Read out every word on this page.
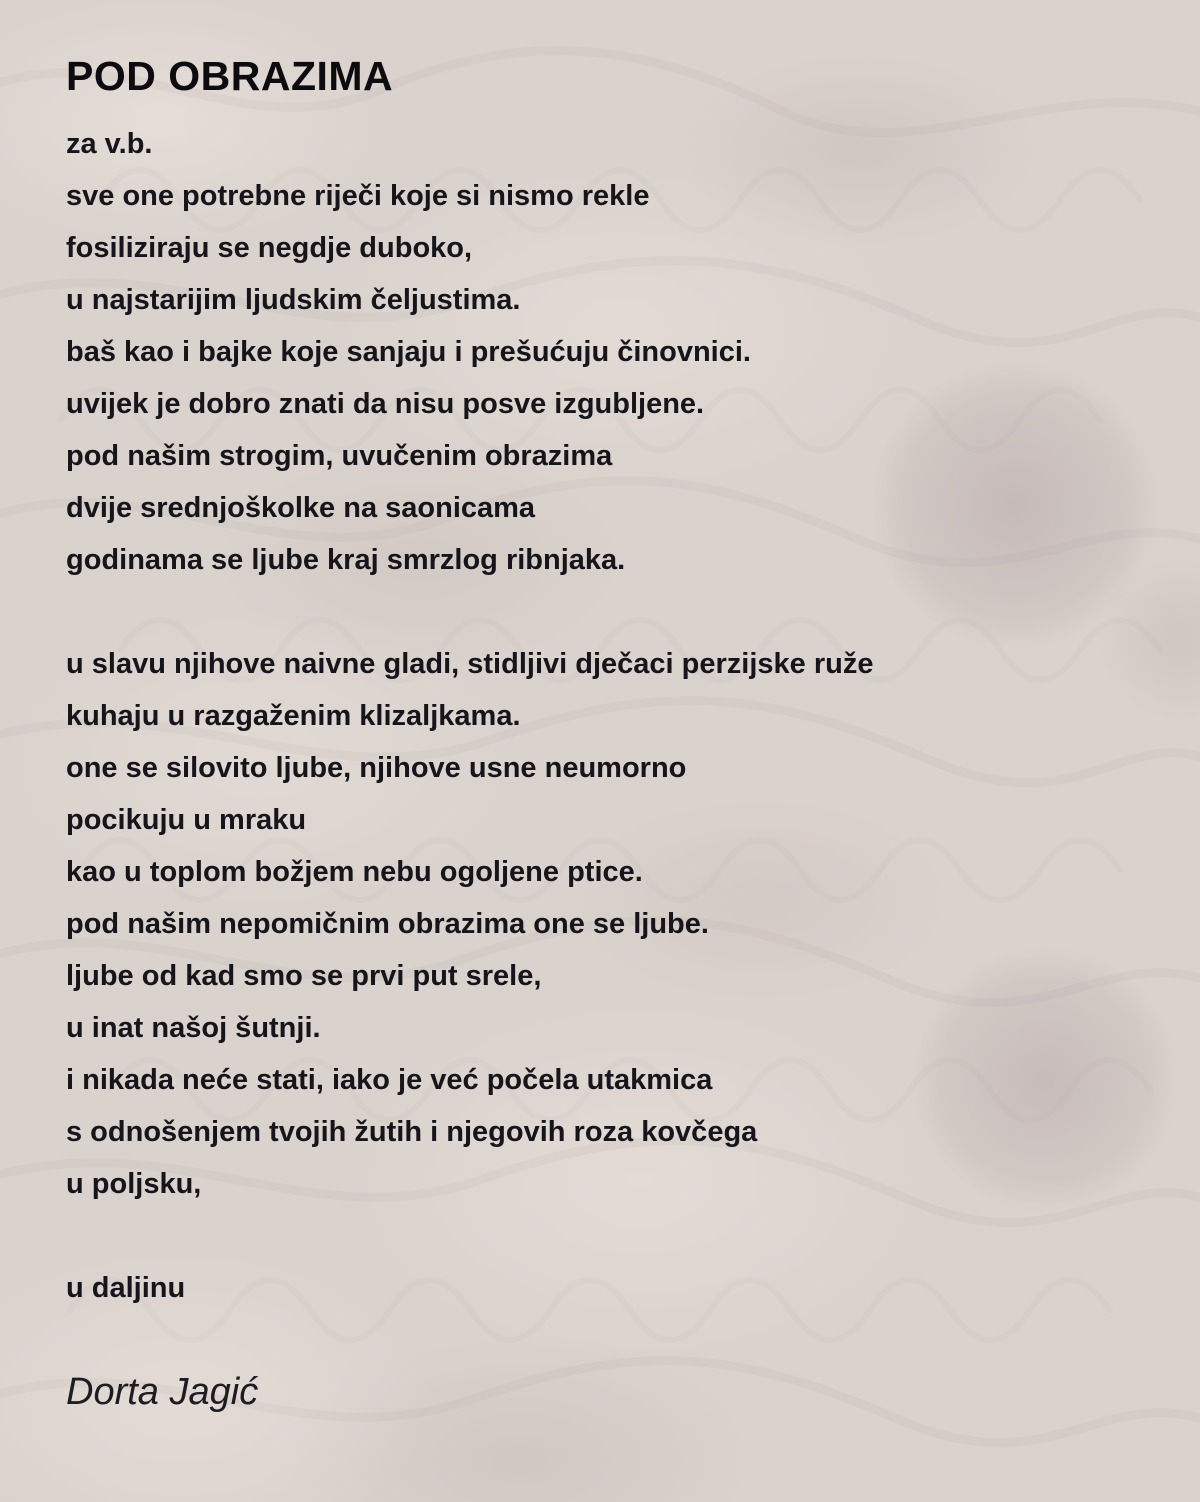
POD OBRAZIMA
za v.b.
sve one potrebne riječi koje si nismo rekle
fosiliziraju se negdje duboko,
u najstarijim ljudskim čeljustima.
baš kao i bajke koje sanjaju i prešućuju činovnici.
uvijek je dobro znati da nisu posve izgubljene.
pod našim strogim, uvučenim obrazima
dvije srednjoškolke na saonicama
godinama se ljube kraj smrzlog ribnjaka.
u slavu njihove naivne gladi, stidljivi dječaci perzijske ruže
kuhaju u razgaženim klizaljkama.
one se silovito ljube, njihove usne neumorno
pocikuju u mraku
kao u toplom božjem nebu ogoljene ptice.
pod našim nepomičnim obrazima one se ljube.
ljube od kad smo se prvi put srele,
u inat našoj šutnji.
i nikada neće stati, iako je već počela utakmica
s odnošenjem tvojih žutih i njegovih roza kovčega
u poljsku,
u daljinu
Dorta Jagić
